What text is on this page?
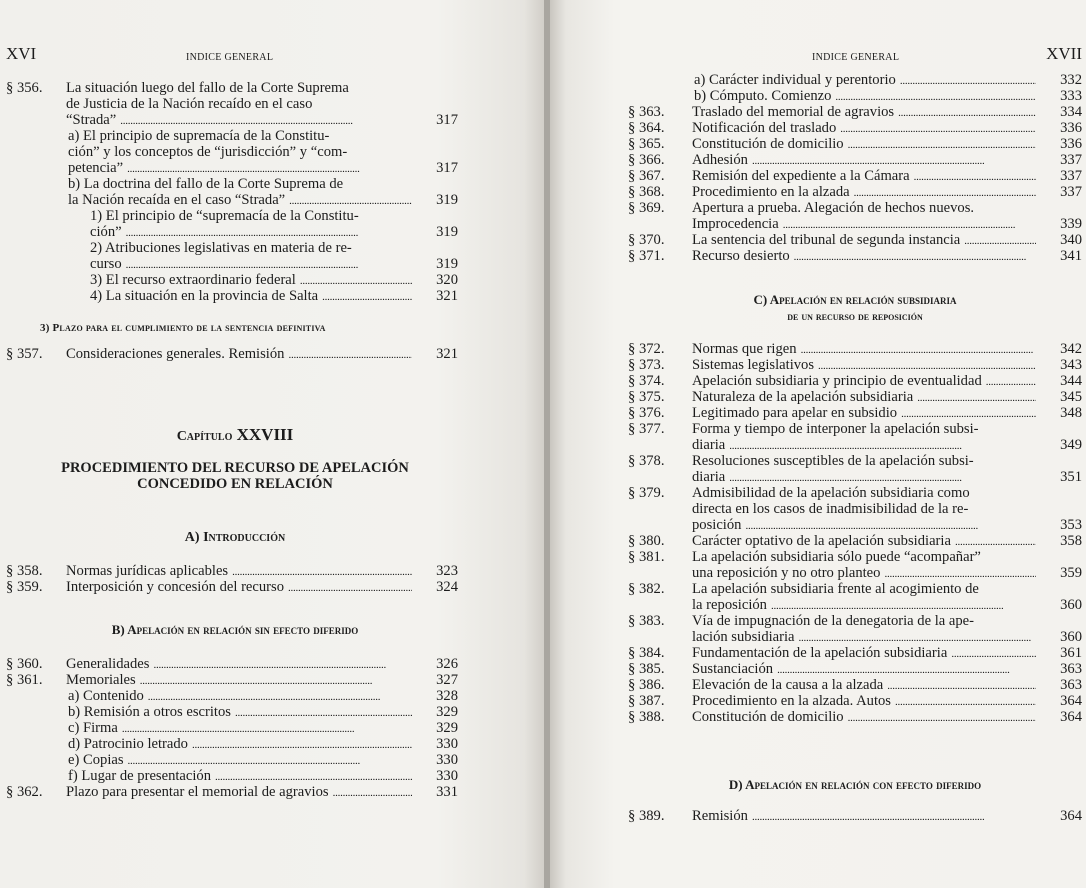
XVI	INDICE GENERAL
§ 356. La situación luego del fallo de la Corte Suprema
de Justicia de la Nación recaído en el caso
“Strada” . . .	317
a) El principio de supremacía de la Constitu-
ción” y los conceptos de “jurisdicción” y “com-
petencia” . . .	317
b) La doctrina del fallo de la Corte Suprema de
la Nación recaída en el caso “Strada” . . .	319
1) El principio de “supremacía de la Constitu-
ción” . . .	319
2) Atribuciones legislativas en materia de re-
curso . . .	319
3) El recurso extraordinario federal . . .	320
4) La situación en la provincia de Salta . . .	321
3) Plazo para el cumplimiento de la sentencia definitiva
§ 357. Consideraciones generales. Remisión . . .	321
Capítulo XXVIII
PROCEDIMIENTO DEL RECURSO DE APELACIÓN
CONCEDIDO EN RELACIÓN
A) Introducción
§ 358. Normas jurídicas aplicables . . .	323
§ 359. Interposición y concesión del recurso . . .	324
B) Apelación en relación sin efecto diferido
§ 360. Generalidades . . .	326
§ 361. Memoriales . . .	327
a) Contenido . . .	328
b) Remisión a otros escritos . . .	329
c) Firma . . .	329
d) Patrocinio letrado . . .	330
e) Copias . . .	330
f) Lugar de presentación . . .	330
§ 362. Plazo para presentar el memorial de agravios . . .	331
XVII
INDICE GENERAL
a) Carácter individual y perentorio . . .	332
b) Cómputo. Comienzo . . .	333
§ 363. Traslado del memorial de agravios . . .	334
§ 364. Notificación del traslado . . .	336
§ 365. Constitución de domicilio . . .	336
§ 366. Adhesión . . .	337
§ 367. Remisión del expediente a la Cámara . . .	337
§ 368. Procedimiento en la alzada . . .	337
§ 369. Apertura a prueba. Alegación de hechos nuevos.
Improcedencia . . .	339
§ 370. La sentencia del tribunal de segunda instancia . . .	340
§ 371. Recurso desierto . . .	341
C) Apelación en relación subsidiaria
de un recurso de reposición
§ 372. Normas que rigen . . .	342
§ 373. Sistemas legislativos . . .	343
§ 374. Apelación subsidiaria y principio de eventualidad . . .	344
§ 375. Naturaleza de la apelación subsidiaria . . .	345
§ 376. Legitimado para apelar en subsidio . . .	348
§ 377. Forma y tiempo de interponer la apelación subsi-
diaria . . .	349
§ 378. Resoluciones susceptibles de la apelación subsi-
diaria . . .	351
§ 379. Admisibilidad de la apelación subsidiaria como
directa en los casos de inadmisibilidad de la re-
posición . . .	353
§ 380. Carácter optativo de la apelación subsidiaria . . .	358
§ 381. La apelación subsidiaria sólo puede “acompañar”
una reposición y no otro planteo . . .	359
§ 382. La apelación subsidiaria frente al acogimiento de
la reposición . . .	360
§ 383. Vía de impugnación de la denegatoria de la ape-
lación subsidiaria . . .	360
§ 384. Fundamentación de la apelación subsidiaria . . .	361
§ 385. Sustanciación . . .	363
§ 386. Elevación de la causa a la alzada . . .	363
§ 387. Procedimiento en la alzada. Autos . . .	364
§ 388. Constitución de domicilio . . .	364
D) Apelación en relación con efecto diferido
§ 389. Remisión . . .	364
